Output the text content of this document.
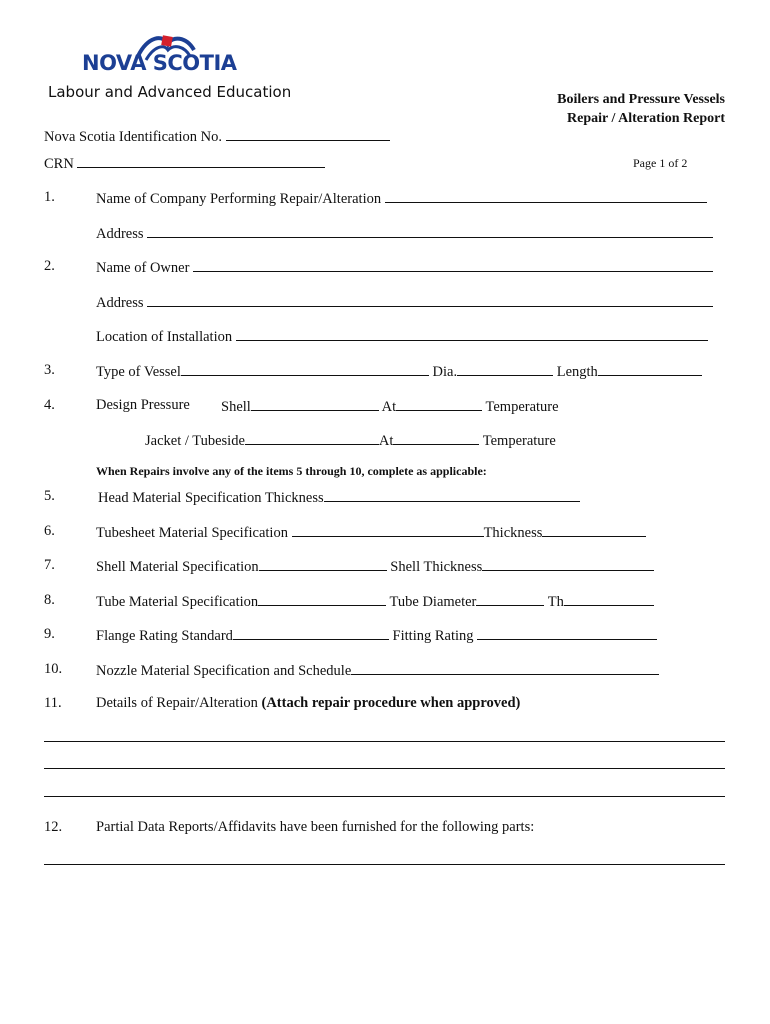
NOVA SCOTIA
Labour and Advanced Education	Boilers and Pressure Vessels
Repair / Alteration Report
Page 1 of 2
Nova Scotia Identification No.
CRN
1.	Name of Company Performing Repair/Alteration
Address
2.	Name of Owner
Address
Location of Installation
3.	Type of Vessel	Dia.	Length
4.	Design Pressure Shell	At	Temperature
Jacket / Tubeside	At	Temperature
When Repairs involve any of the items 5 through 10, complete as applicable:
5.	Head Material Specification Thickness
6.	Tubesheet Material Specification	Thickness
7.	Shell Material Specification	Shell Thickness
8.	Tube Material Specification	Tube Diameter	Th
9.	Flange Rating Standard	Fitting Rating
10. Nozzle Material Specification and Schedule
11. Details of Repair/Alteration (Attach repair procedure when approved)
12. Partial Data Reports/Affidavits have been furnished for the following parts:
